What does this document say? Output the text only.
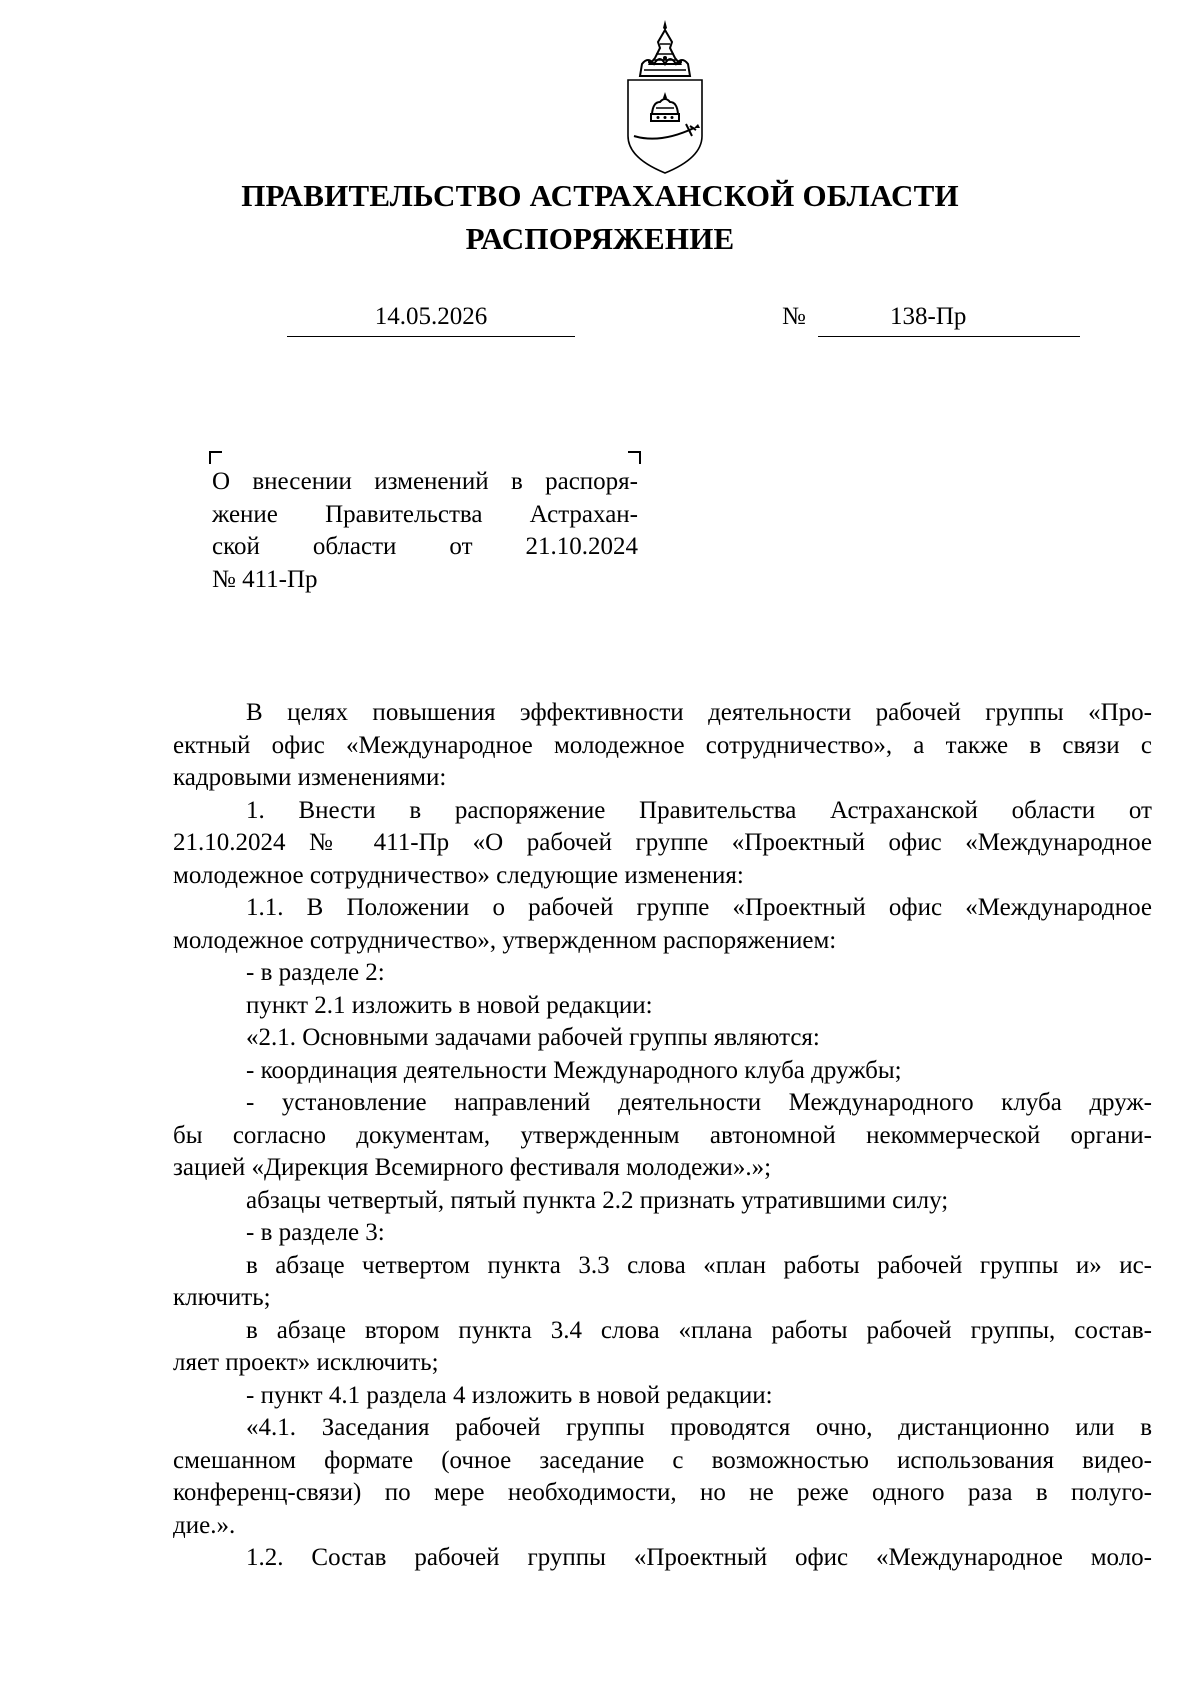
ПРАВИТЕЛЬСТВО АСТРАХАНСКОЙ ОБЛАСТИ
РАСПОРЯЖЕНИЕ
14.05.2026	№	138-Пр
О внесении изменений в распоря-
жение Правительства Астрахан-
ской области от 21.10.2024
№ 411-Пр
В целях повышения эффективности деятельности рабочей группы «Про-
ектный офис «Международное молодежное сотрудничество», а также в связи с
кадровыми изменениями:
1. Внести в распоряжение Правительства Астраханской области от
21.10.2024 № 411-Пр «О рабочей группе «Проектный офис «Международное
молодежное сотрудничество» следующие изменения:
1.1. В Положении о рабочей группе «Проектный офис «Международное
молодежное сотрудничество», утвержденном распоряжением:
- в разделе 2:
пункт 2.1 изложить в новой редакции:
«2.1. Основными задачами рабочей группы являются:
- координация деятельности Международного клуба дружбы;
- установление направлений деятельности Международного клуба друж-
бы согласно документам, утвержденным автономной некоммерческой органи-
зацией «Дирекция Всемирного фестиваля молодежи».»;
абзацы четвертый, пятый пункта 2.2 признать утратившими силу;
- в разделе 3:
в абзаце четвертом пункта 3.3 слова «план работы рабочей группы и» ис-
ключить;
в абзаце втором пункта 3.4 слова «плана работы рабочей группы, состав-
ляет проект» исключить;
- пункт 4.1 раздела 4 изложить в новой редакции:
«4.1. Заседания рабочей группы проводятся очно, дистанционно или в
смешанном формате (очное заседание с возможностью использования видео-
конференц-связи) по мере необходимости, но не реже одного раза в полуго-
дие.».
1.2. Состав рабочей группы «Проектный офис «Международное моло-
